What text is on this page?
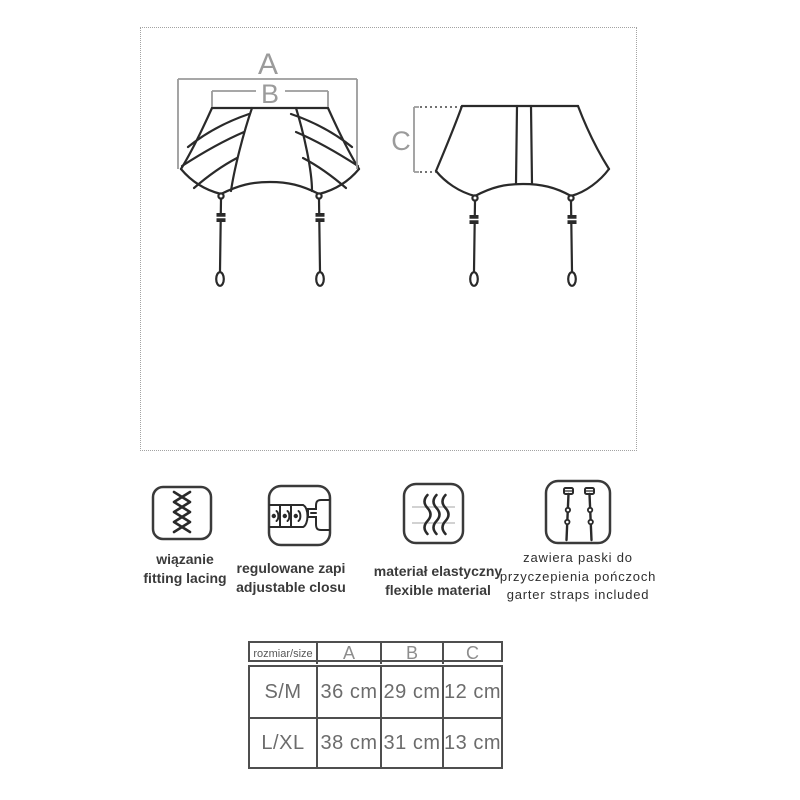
A
B
C
wiązanie
fitting lacing
regulowane zapi
adjustable closu
materiał elastyczny
flexible material
zawiera paski do
przyczepienia pończoch
garter straps included
rozmiar/size	A	B	C
S/M 36 cm 29 cm 12 cm
L/XL 38 cm 31 cm 13 cm
